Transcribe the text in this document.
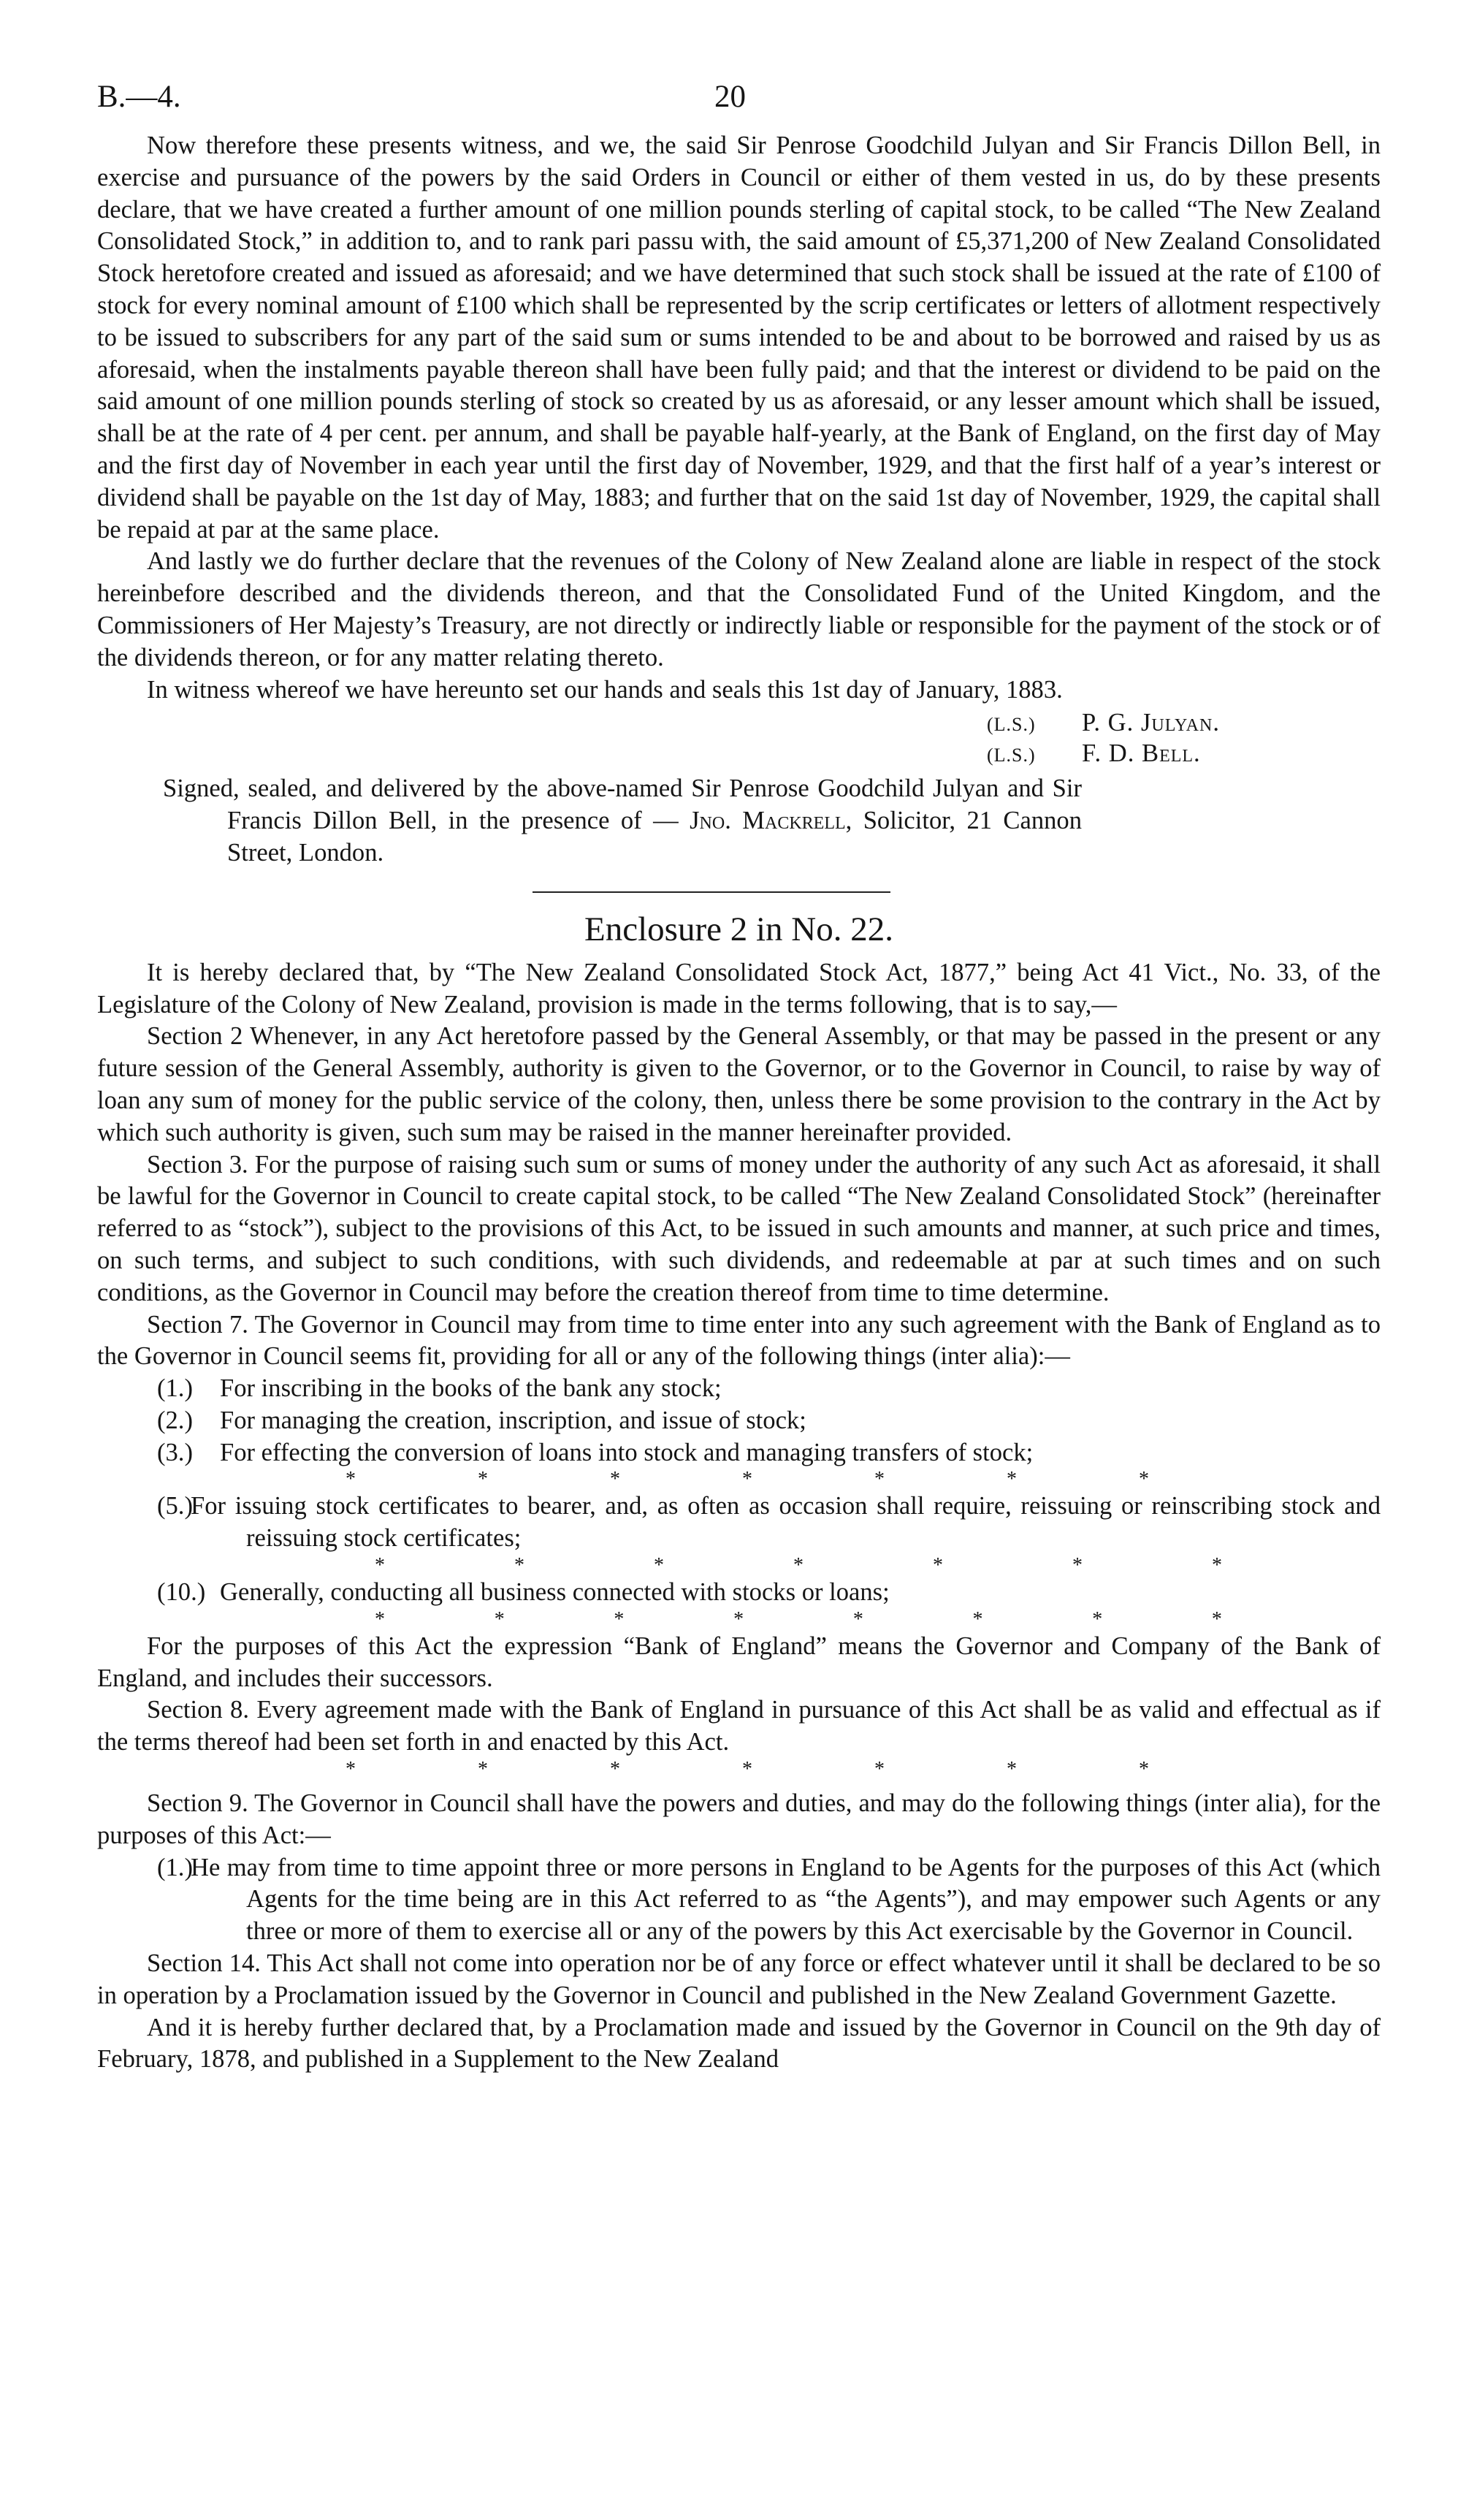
B.—4.	20

Now therefore these presents witness, and we, the said Sir Penrose Goodchild Julyan and Sir Francis Dillon Bell, in exercise and pursuance of the powers by the said Orders in Council or either of them vested in us, do by these presents declare, that we have created a further amount of one million pounds sterling of capital stock, to be called “The New Zealand Consolidated Stock,” in addition to, and to rank pari passu with, the said amount of £5,371,200 of New Zealand Consolidated Stock heretofore created and issued as aforesaid; and we have determined that such stock shall be issued at the rate of £100 of stock for every nominal amount of £100 which shall be represented by the scrip certificates or letters of allotment respectively to be issued to subscribers for any part of the said sum or sums intended to be and about to be borrowed and raised by us as aforesaid, when the instalments payable thereon shall have been fully paid; and that the interest or dividend to be paid on the said amount of one million pounds sterling of stock so created by us as aforesaid, or any lesser amount which shall be issued, shall be at the rate of 4 per cent. per annum, and shall be payable half-yearly, at the Bank of England, on the first day of May and the first day of November in each year until the first day of November, 1929, and that the first half of a year’s interest or dividend shall be payable on the 1st day of May, 1883; and further that on the said 1st day of November, 1929, the capital shall be repaid at par at the same place.

And lastly we do further declare that the revenues of the Colony of New Zealand alone are liable in respect of the stock hereinbefore described and the dividends thereon, and that the Consolidated Fund of the United Kingdom, and the Commissioners of Her Majesty’s Treasury, are not directly or indirectly liable or responsible for the payment of the stock or of the dividends thereon, or for any matter relating thereto.

In witness whereof we have hereunto set our hands and seals this 1st day of January, 1883.

(L.S.) P. G. Julyan.
(L.S.) F. D. Bell.

Signed, sealed, and delivered by the above-named Sir Penrose Goodchild Julyan and Sir Francis Dillon Bell, in the presence of — Jno. Mackrell, Solicitor, 21 Cannon Street, London.

Enclosure 2 in No. 22.

It is hereby declared that, by “The New Zealand Consolidated Stock Act, 1877,” being Act 41 Vict., No. 33, of the Legislature of the Colony of New Zealand, provision is made in the terms following, that is to say,—

Section 2 Whenever, in any Act heretofore passed by the General Assembly, or that may be passed in the present or any future session of the General Assembly, authority is given to the Governor, or to the Governor in Council, to raise by way of loan any sum of money for the public service of the colony, then, unless there be some provision to the contrary in the Act by which such authority is given, such sum may be raised in the manner hereinafter provided.

Section 3. For the purpose of raising such sum or sums of money under the authority of any such Act as aforesaid, it shall be lawful for the Governor in Council to create capital stock, to be called “The New Zealand Consolidated Stock” (hereinafter referred to as “stock”), subject to the provisions of this Act, to be issued in such amounts and manner, at such price and times, on such terms, and subject to such conditions, with such dividends, and redeemable at par at such times and on such conditions, as the Governor in Council may before the creation thereof from time to time determine.

Section 7. The Governor in Council may from time to time enter into any such agreement with the Bank of England as to the Governor in Council seems fit, providing for all or any of the following things (inter alia):—

(1.) For inscribing in the books of the bank any stock;
(2.) For managing the creation, inscription, and issue of stock;
(3.) For effecting the conversion of loans into stock and managing transfers of stock;
*	*	*	*	*	*	*
(5.)
For issuing stock certificates to bearer, and, as often as occasion shall require, reissuing or reinscribing stock and reissuing stock certificates;
*	*	*	*	*	*	*
(10.) Generally, conducting all business connected with stocks or loans;
*	*	*	*	*	*	*	*

For the purposes of this Act the expression “Bank of England” means the Governor and Company of the Bank of England, and includes their successors.

Section 8. Every agreement made with the Bank of England in pursuance of this Act shall be as valid and effectual as if the terms thereof had been set forth in and enacted by this Act.

*	*	*	*	*	*	*

Section 9. The Governor in Council shall have the powers and duties, and may do the following things (inter alia), for the purposes of this Act:—

(1.)
He may from time to time appoint three or more persons in England to be Agents for the purposes of this Act (which Agents for the time being are in this Act referred to as “the Agents”), and may empower such Agents or any three or more of them to exercise all or any of the powers by this Act exercisable by the Governor in Council.

Section 14. This Act shall not come into operation nor be of any force or effect whatever until it shall be declared to be so in operation by a Proclamation issued by the Governor in Council and published in the New Zealand Government Gazette.

And it is hereby further declared that, by a Proclamation made and issued by the Governor in Council on the 9th day of February, 1878, and published in a Supplement to the New Zealand
